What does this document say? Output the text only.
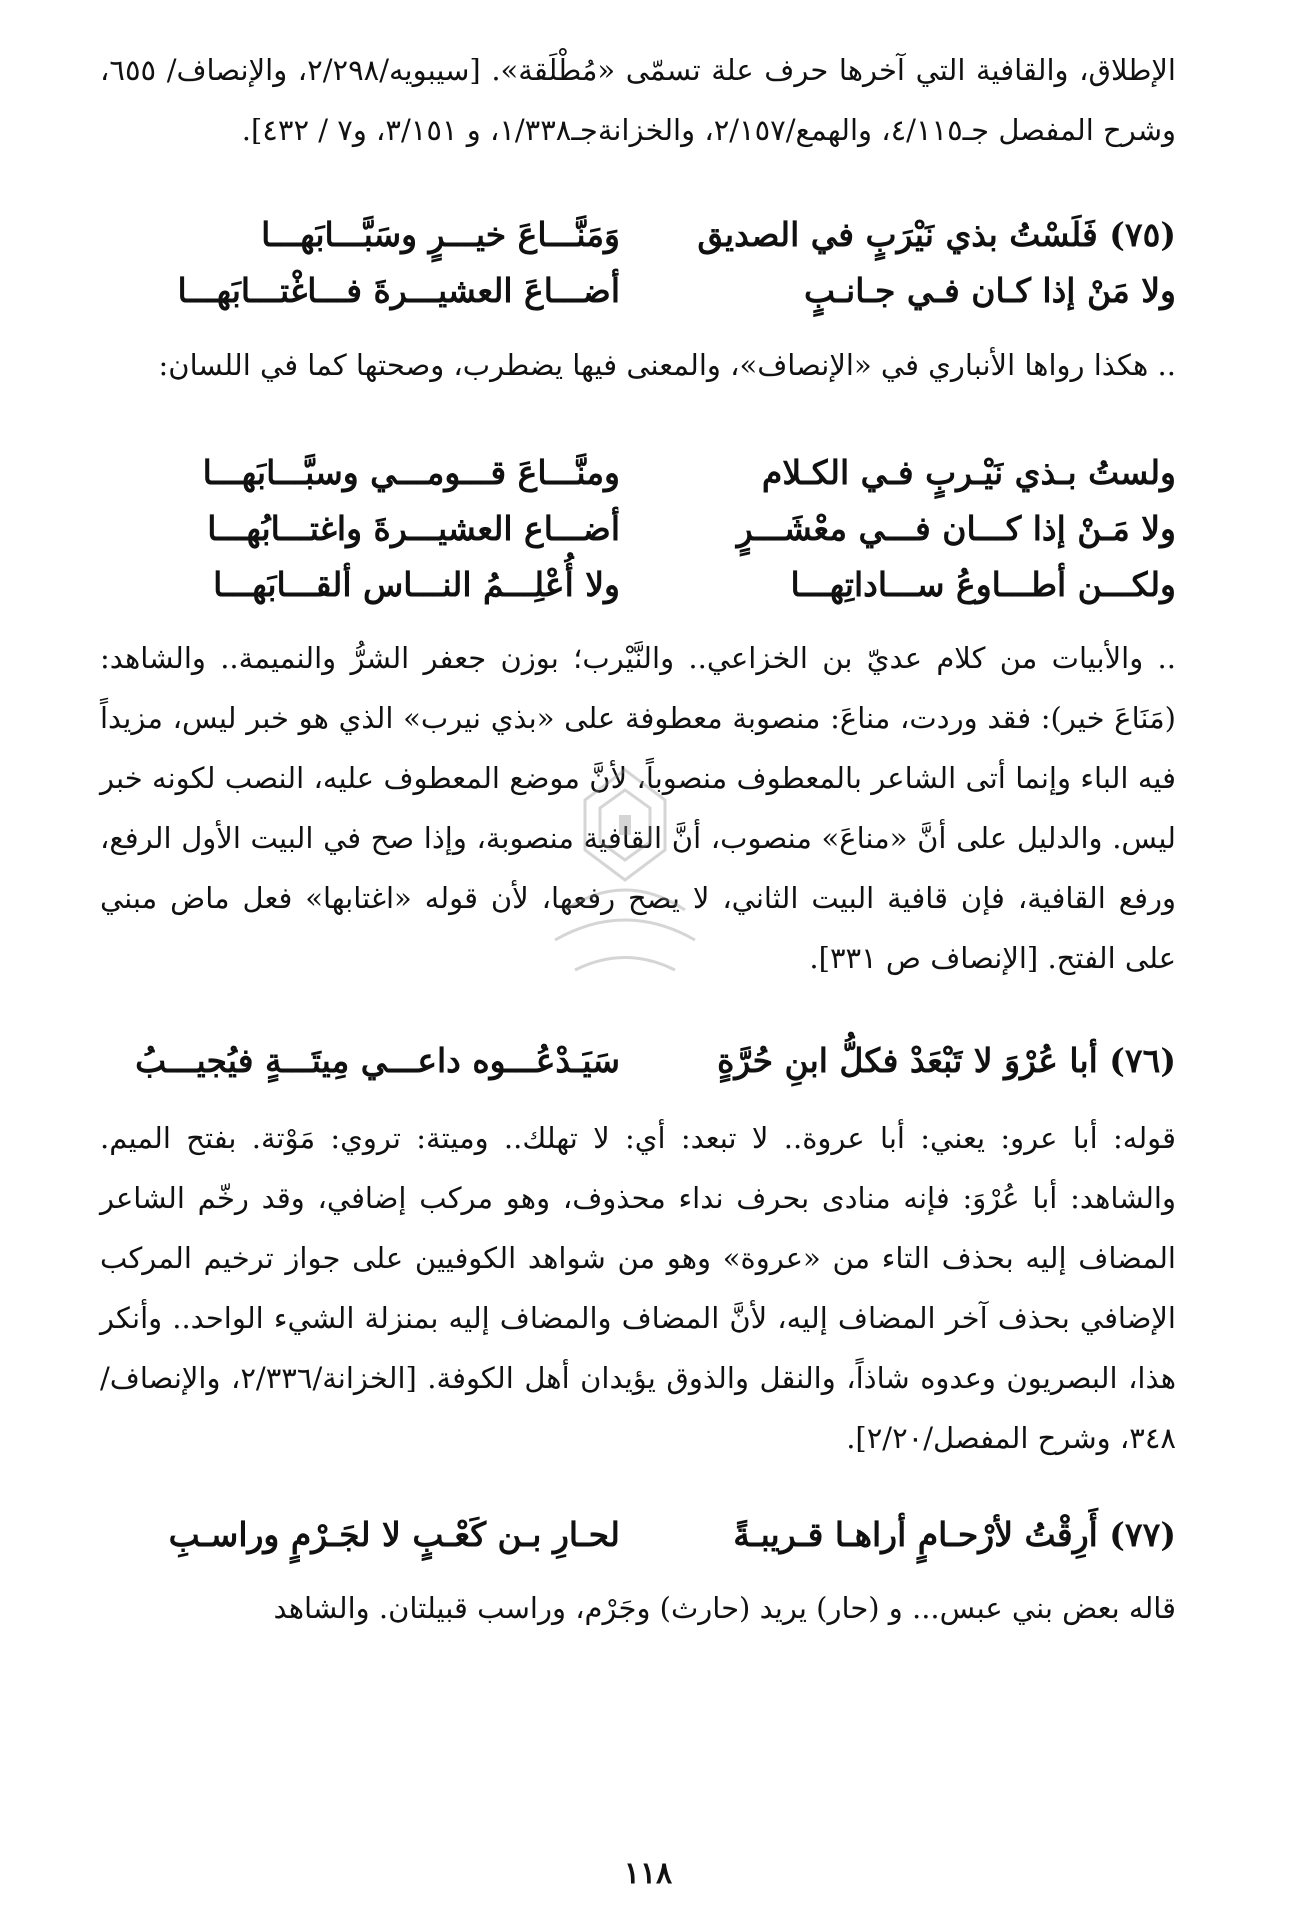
الإطلاق، والقافية التي آخرها حرف علة تسمّى «مُطْلَقة». [سيبويه/٢/٢٩٨، والإنصاف/ ٦٥٥، وشرح المفصل جـ٤/١١٥، والهمع/٢/١٥٧، والخزانةجـ١/٣٣٨، و ٣/١٥١، و٧ / ٤٣٢].

(٧٥) فَلَسْتُ بذي نَيْرَبٍ في الصديق
وَمَنَّـــاعَ خيـــرٍ وسَبَّـــابَهـــا
ولا مَنْ إذا كـان فـي جـانـبٍ
أضـــاعَ العشيـــرةَ فـــاغْتـــابَهـــا

.. هكذا رواها الأنباري في «الإنصاف»، والمعنى فيها يضطرب، وصحتها كما في اللسان:

ولستُ بـذي نَيْـربٍ فـي الكـلام
ومنَّـــاعَ قـــومـــي وسبَّـــابَهـــا
ولا مَـنْ إذا كـــان فـــي معْشَـــرٍ
أضـــاع العشيـــرةَ واغتـــابُهـــا
ولكـــن أطـــاوعُ ســـاداتِهـــا
ولا أُعْلِـــمُ النـــاس ألقـــابَهـــا

.. والأبيات من كلام عديّ بن الخزاعي.. والنَّيْرب؛ بوزن جعفر الشرُّ والنميمة.. والشاهد: (مَنَاعَ خير): فقد وردت، مناعَ: منصوبة معطوفة على «بذي نيرب» الذي هو خبر ليس، مزيداً فيه الباء وإنما أتى الشاعر بالمعطوف منصوباً، لأنَّ موضع المعطوف عليه، النصب لكونه خبر ليس. والدليل على أنَّ «مناعَ» منصوب، أنَّ القافية منصوبة، وإذا صح في البيت الأول الرفع، ورفع القافية، فإن قافية البيت الثاني، لا يصح رفعها، لأن قوله «اغتابها» فعل ماض مبني على الفتح. [الإنصاف ص ٣٣١].

(٧٦) أبا عُرْوَ لا تَبْعَدْ فكلُّ ابنِ حُرَّةٍ
سَيَـدْعُـــوه داعـــي مِيتَـــةٍ فيُجيـــبُ

قوله: أبا عرو: يعني: أبا عروة.. لا تبعد: أي: لا تهلك.. وميتة: تروي: مَوْتة. بفتح الميم. والشاهد: أبا عُرْوَ: فإنه منادى بحرف نداء محذوف، وهو مركب إضافي، وقد رخّم الشاعر المضاف إليه بحذف التاء من «عروة» وهو من شواهد الكوفيين على جواز ترخيم المركب الإضافي بحذف آخر المضاف إليه، لأنَّ المضاف والمضاف إليه بمنزلة الشيء الواحد.. وأنكر هذا، البصريون وعدوه شاذاً، والنقل والذوق يؤيدان أهل الكوفة. [الخزانة/٢/٣٣٦، والإنصاف/٣٤٨، وشرح المفصل/٢/٢٠].

(٧٧) أَرِقْتُ لأرْحـامٍ أراهـا قـريبـةً
لحـارِ بـن كَعْـبٍ لا لجَـرْمٍ وراسـبِ

قاله بعض بني عبس... و (حار) يريد (حارث) وجَرْم، وراسب قبيلتان. والشاهد

١١٨
